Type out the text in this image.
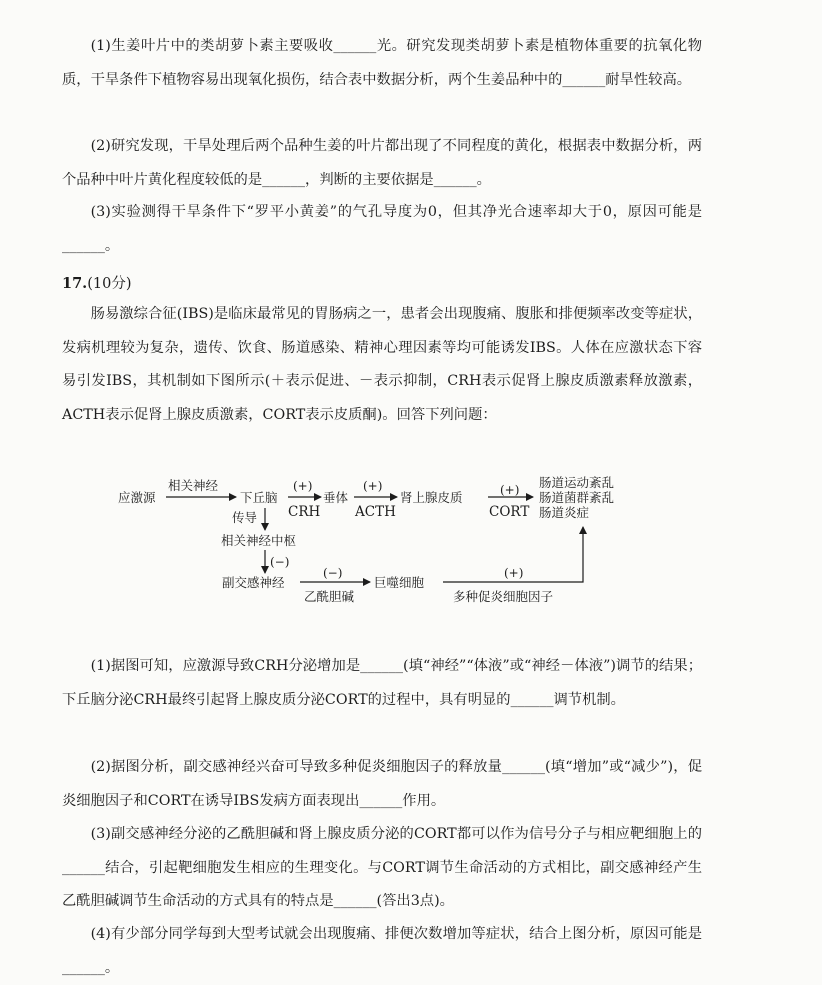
(1)生姜叶片中的类胡萝卜素主要吸收______光。研究发现类胡萝卜素是植物体重要的抗氧化物质，干旱条件下植物容易出现氧化损伤，结合表中数据分析，两个生姜品种中的______耐旱性较高。
(2)研究发现，干旱处理后两个品种生姜的叶片都出现了不同程度的黄化，根据表中数据分析，两个品种中叶片黄化程度较低的是______，判断的主要依据是______。
(3)实验测得干旱条件下“罗平小黄姜”的气孔导度为0，但其净光合速率却大于0，原因可能是______。
17.(10分)
肠易激综合征(IBS)是临床最常见的胃肠病之一，患者会出现腹痛、腹胀和排便频率改变等症状，发病机理较为复杂，遗传、饮食、肠道感染、精神心理因素等均可能诱发IBS。人体在应激状态下容易引发IBS，其机制如下图所示(＋表示促进、－表示抑制，CRH表示促肾上腺皮质激素释放激素，ACTH表示促肾上腺皮质激素，CORT表示皮质酮)。回答下列问题：
应激源
相关神经
下丘脑
(+)
CRH
垂体
(+)
ACTH
肾上腺皮质	(+)
CORT
肠道运动紊乱
肠道菌群紊乱
肠道炎症
传导
相关神经中枢
(−)
副交感神经
(−)
乙酰胆碱
巨噬细胞
(+)
多种促炎细胞因子
(1)据图可知，应激源导致CRH分泌增加是______(填“神经”“体液”或“神经－体液”)调节的结果；下丘脑分泌CRH最终引起肾上腺皮质分泌CORT的过程中，具有明显的______调节机制。
(2)据图分析，副交感神经兴奋可导致多种促炎细胞因子的释放量______(填“增加”或“减少”)，促炎细胞因子和CORT在诱导IBS发病方面表现出______作用。
(3)副交感神经分泌的乙酰胆碱和肾上腺皮质分泌的CORT都可以作为信号分子与相应靶细胞上的______结合，引起靶细胞发生相应的生理变化。与CORT调节生命活动的方式相比，副交感神经产生乙酰胆碱调节生命活动的方式具有的特点是______(答出3点)。
(4)有少部分同学每到大型考试就会出现腹痛、排便次数增加等症状，结合上图分析，原因可能是______。
